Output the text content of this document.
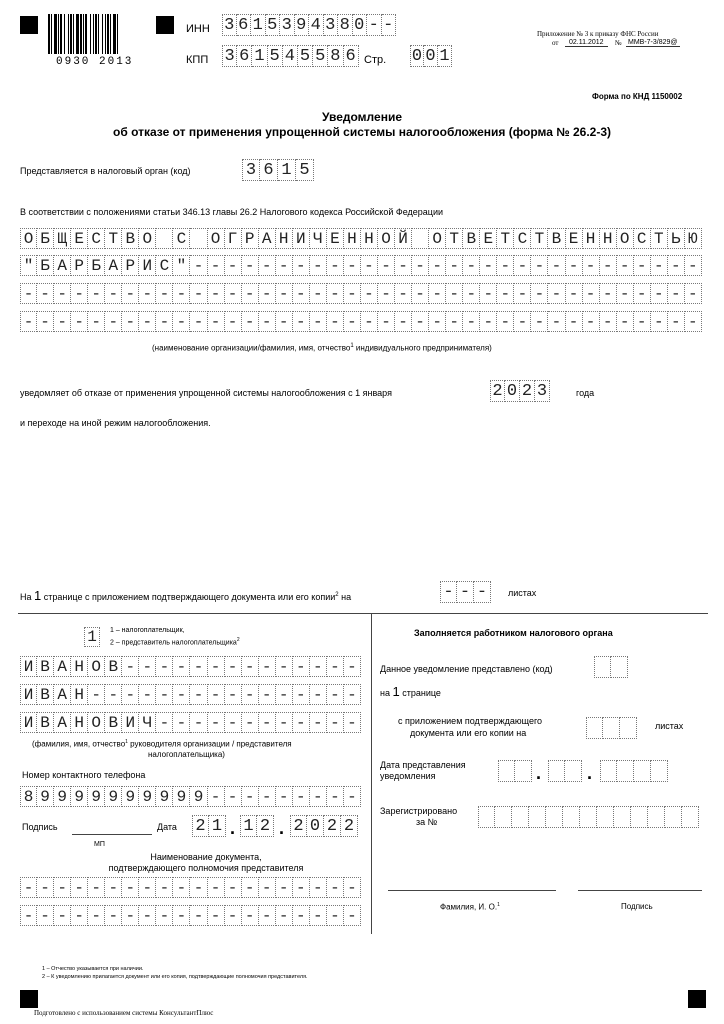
0930 2013
ИНН 3 6 1 5 3 9 4 3 8 0 - -
КПП 3 6 1 5 4 5 5 8 6 Стр. 0 0 1
Приложение № 3 к приказу ФНС России
от	02.11.2012	№ ММВ-7-3/829@
Форма по КНД 1150002
Уведомление
об отказе от применения упрощенной системы налогообложения (форма № 26.2-3)
Представляется в налоговый орган (код)	3 6 1 5
В соответствии с положениями статьи 346.13 главы 26.2 Налогового кодекса Российской Федерации
О Б Щ Е С Т В О С О Г Р А Н И Ч Е Н Н О Й О Т В Е Т С Т В Е Н Н О С Т Ь Ю
" Б А Р Б А Р И С " - - - - - - - - - - - - - - - - - - - - - - - - - - - - - -
- - - - - - - - - - - - - - - - - - - - - - - - - - - - - - - - - - - - - - - -
- - - - - - - - - - - - - - - - - - - - - - - - - - - - - - - - - - - - - - - -
(наименование организации/фамилия, имя, отчество$^1$ индивидуального предпринимателя)
уведомляет об отказе от применения упрощенной системы налогообложения с 1 января	2 0 2 3	года
и переходе на иной режим налогообложения.
На 1 странице с приложением подтверждающего документа или его копии$^2$ на	- - -	листах
1	1 – налогоплательщик,
2 – представитель налогоплательщика$^2$
И В А Н О В - - - - - - - - - - - - - -
И В А Н - - - - - - - - - - - - - - - -
И В А Н О В И Ч - - - - - - - - - - - -
(фамилия, имя, отчество$^1$ руководителя организации / представителя
налогоплательщика)
Номер контактного телефона
8 9 9 9 9 9 9 9 9 9 9 - - - - - - - - -
Подпись	Дата 2 1 . 1 2 . 2 0 2 2
МП
Наименование документа,
подтверждающего полномочия представителя
- - - - - - - - - - - - - - - - - - - -
- - - - - - - - - - - - - - - - - - - -
Заполняется работником налогового органа
Данное уведомление представлено (код)
на 1 странице
с приложением подтверждающего
документа или его копии на
листах
Дата представления
уведомления	.	.
Зарегистрировано
за №
Фамилия, И. О.$^1$	Подпись
1 – Отчество указывается при наличии.
2 – К уведомлению прилагается документ или его копия, подтверждающие полномочия представителя.
Подготовлено с использованием системы КонсультантПлюс
